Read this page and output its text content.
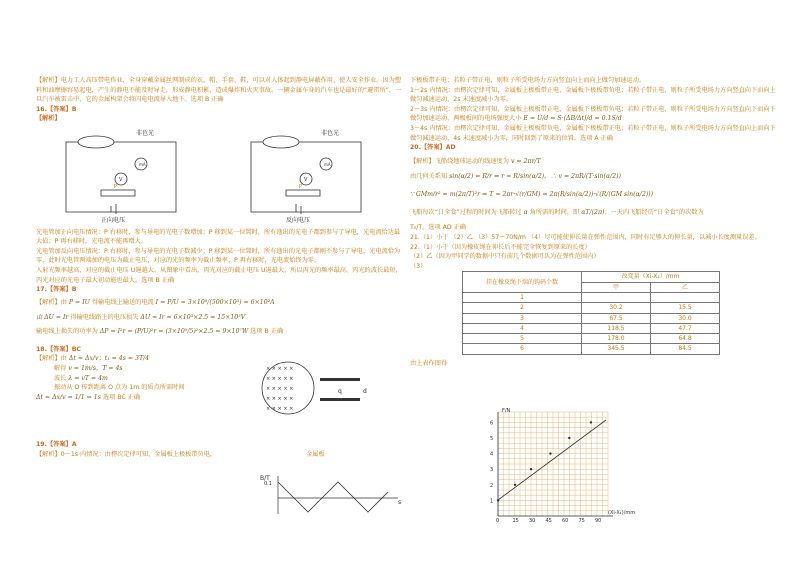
【解析】电力工人高压带电作业，全身穿戴金属丝网制成的衣、帽、手套、鞋，可以对人体起到静电屏蔽作用，使人安全作业。因为塑料和油摩擦容易起电，产生的静电不能及时导走，形成静电积累，造成爆炸和火灾事故。一辆金属车身的汽车也是最好的“避雷所”，一旦汽车被雷击中，它的金属构架会将闪电电流导入地下。选项 B 正确

16.【答案】B
【解析】
非色光
mA
V
P
正向电压
非色光
mA
V
P
反向电压

光电管加正向电压情况：P 右移时，参与导电的光电子数增加；P 移到某一位置时，所有逸出的光电子都到参与了导电，光电流恰达最大值；P 再右移时，光电流不能再增大。

光电管加反向电压情况：P 右移时，参与导电的光电子数减少；P 移到某一位置时，所有逸出的光电子都刚不参与了导电，光电流恰为零，此时光电管两端加的电压为截止电压，对应的光的频率为截止频率；P 再右移时，光电流始终为零。

入射光频率越高，对应的截止电压 U遏越大。从图象中看出，丙光对应的截止电压 U遏最大，所以丙光的频率最高，丙光的波长最短，丙光对应的光电子最大初动能也最大。选项 B 正确

17.【答案】B

【解析】由 P = IU 得输电线上输送的电流 I = P/U = 3×10⁸/(500×10³) = 6×10²A

由 ΔU = Ir 得输电线路上的电压损失 ΔU = Ir = 6×10³×2.5 = 15×10³V

输电线上损失的功率为 ΔP = I²r = (P/U)²r = (3×10⁹/5)²×2.5 = 9×10⁷W 选项 B 正确

18.【答案】BC

【解析】由 Δt = Δx/v；t₁ = 4s = 3T/4

解得 v = 1m/s，T = 4s

波长 λ = vT = 4m

振动从 O 传到距离 O 点为 1m 的质点所需时间

Δt = Δx/v = 1/1 = 1s 选项 BC 正确

× × × × ×
× × × × ×
× × × × ×
× × × × ×
× × × × ×
q	d
19.【答案】A

【解析】0～1s 内情况：由楞次定律可知，金属板上极板带负电，	金属板

B/T
0.1
s

下极板带正电；若粒子带正电，则粒子所受电场力方向竖直向上而向上做匀加速运动。

1～2s 内情况：由楞次定律可知，金属板上极板带正电，金属板下极板带负电；若粒子带正电，则粒子所受电场力方向竖直向下而向上做匀减速运动，2s 末速度减小为零。

2～3s 内情况：由楞次定律可知，金属板上极板带正电，金属板下极板带负电；若粒子带正电，则粒子所受电场力方向竖直向下而向下做匀加速运动，两极板间的电场强度大小 E = U/d = S·(ΔB/Δt)/d = 0.1S/d

3～4s 内情况：由楞次定律可知，金属板上极板带负电，金属板下极板带正电；若粒子带正电，则粒子所受电场力方向竖直向上而向下做匀减速运动，4s 末速度减小为零，同时回到了原来的位置。选项 A 正确

20.【答案】AD

【解析】飞船绕地球运动的线速度为 v = 2πr/T

由几何关系知 sin(α/2) = R/r ⇒ r = R/sin(α/2)，∴ v = 2πR/(T·sin(α/2))

∵ GMm/r² = m(2π/T)²r ⇒ T = 2πr·√(r/GM) = 2π(R/sin(α/2))·√(R/(GM sin(α/2)))

飞船每次“日全食”过程的时间为飞船转过 α 角所需的时间，即 αT/(2π)；一天内飞船经历“日全食”的次数为

T₀/T。选项 AD 正确

21.（1）小于 （2）乙 （3）57～70N/m （4）尽可能使伸长量在弹性范围内，同时有足够大的伸长量，以减小长度测量误差。

22.（1）小于（因为橡皮绳在伸长后不能完全恢复到原来的长度）

（2）乙（因为甲同学的数据中只有前几个数据可认为在弹性范围内）

（3）

挂在橡皮绳下端的钩码个数	改变量（Xi-X₁）/mm	
	甲	乙
1		
2	30.2	15.5
3	67.5	30.0
4	118.5	47.7
5	178.0	64.8
6	345.5	84.5

由上表作图得

F/N
(Xi-X₁)/mm
1
2
3
4
5
6
0	15 30 45 60 75 90
